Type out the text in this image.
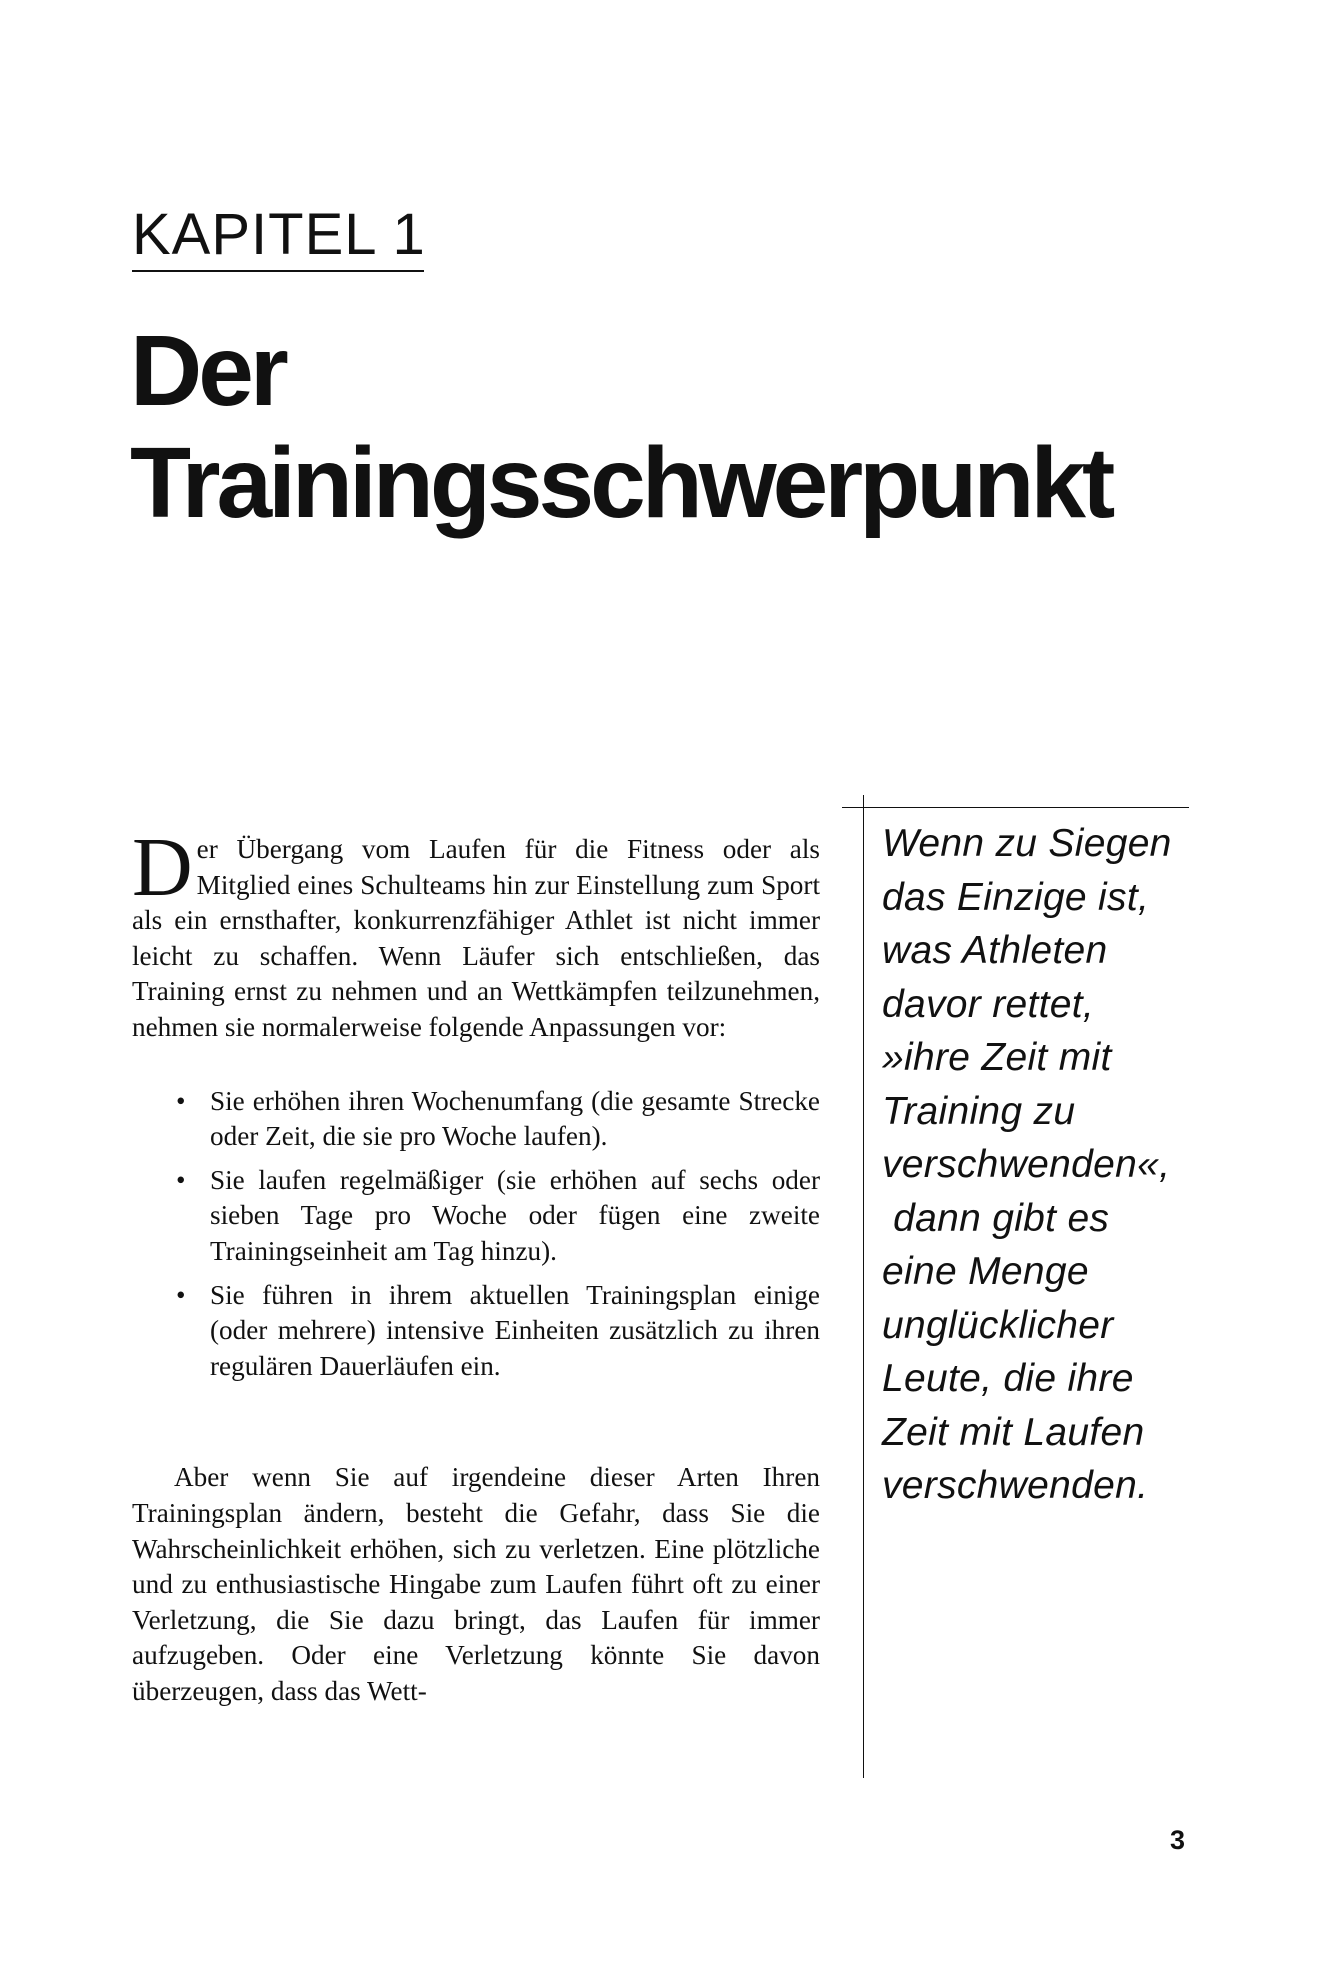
KAPITEL 1
Der
Trainingsschwerpunkt

Der Übergang vom Laufen für die Fitness oder als Mitglied eines Schulteams hin zur Einstellung zum Sport als ein ernsthafter, konkurrenzfähiger Athlet ist nicht immer leicht zu schaffen. Wenn Läufer sich entschließen, das Training ernst zu nehmen und an Wettkämpfen teilzunehmen, nehmen sie normalerweise folgende Anpassungen vor:

• Sie erhöhen ihren Wochenumfang (die gesamte Strecke oder Zeit, die sie pro Woche laufen).
• Sie laufen regelmäßiger (sie erhöhen auf sechs oder sieben Tage pro Woche oder fügen eine zweite Trainingseinheit am Tag hinzu).
• Sie führen in ihrem aktuellen Trainingsplan einige (oder mehrere) intensive Einheiten zusätzlich zu ihren regulären Dauerläufen ein.

Aber wenn Sie auf irgendeine dieser Arten Ihren Trainingsplan ändern, besteht die Gefahr, dass Sie die Wahrscheinlichkeit erhöhen, sich zu verletzen. Eine plötzliche und zu enthusiastische Hingabe zum Laufen führt oft zu einer Verletzung, die Sie dazu bringt, das Laufen für immer aufzugeben. Oder eine Verletzung könnte Sie davon überzeugen, dass das Wett-

Wenn zu Siegen
das Einzige ist,
was Athleten
davor rettet,
»ihre Zeit mit
Training zu
verschwenden«,
dann gibt es
eine Menge
unglücklicher
Leute, die ihre
Zeit mit Laufen
verschwenden.
3
